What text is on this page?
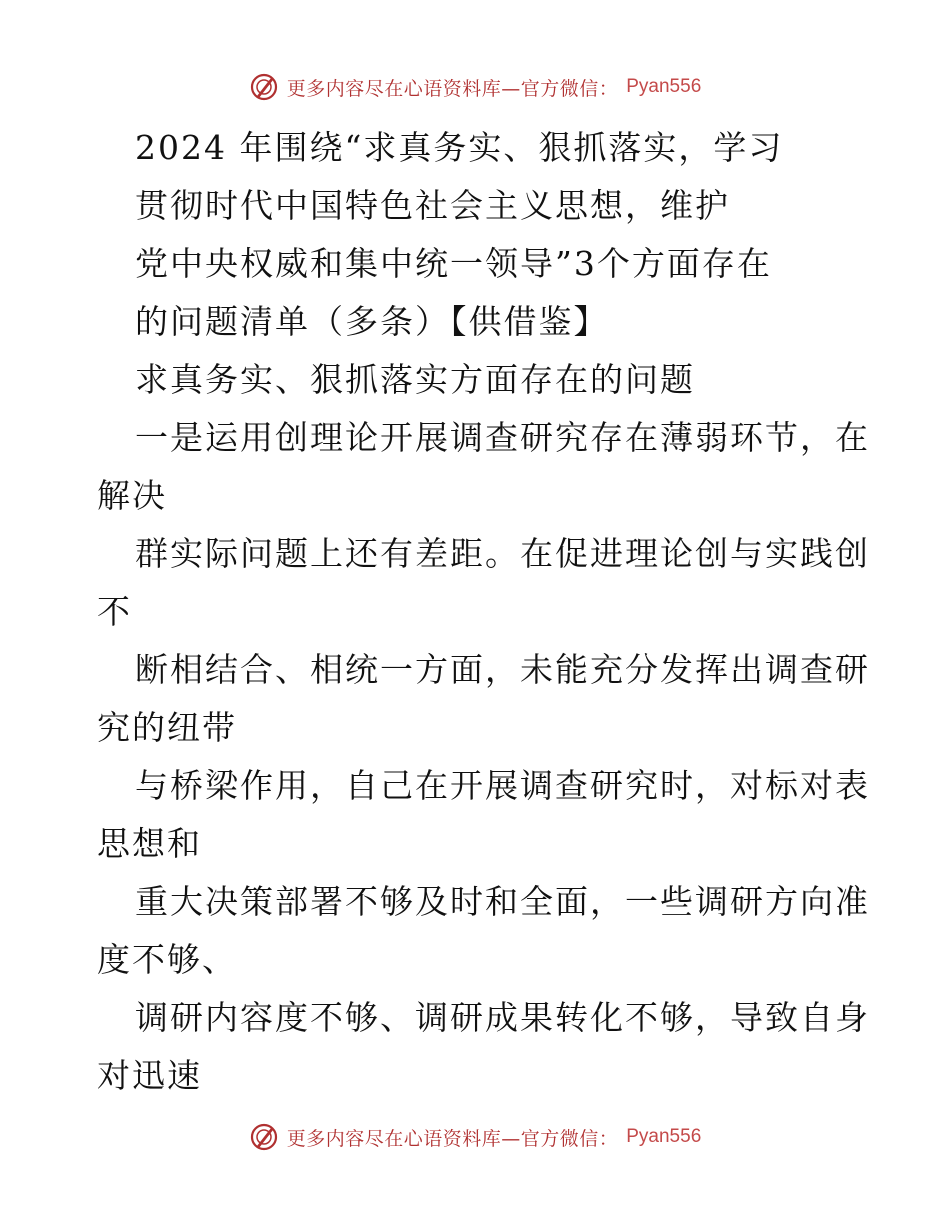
更多内容尽在心语资料库—官方微信： Pyan556
2024 年围绕“求真务实、狠抓落实，学习
贯彻时代中国特色社会主义思想，维护
党中央权威和集中统一领导”3个方面存在
的问题清单（多条）【供借鉴】
求真务实、狠抓落实方面存在的问题
一是运用创理论开展调查研究存在薄弱环节，在
解决
群实际问题上还有差距。在促进理论创与实践创
不
断相结合、相统一方面，未能充分发挥出调查研
究的纽带
与桥梁作用，自己在开展调查研究时，对标对表
思想和
重大决策部署不够及时和全面，一些调研方向准
度不够、
调研内容度不够、调研成果转化不够，导致自身
对迅速
更多内容尽在心语资料库—官方微信： Pyan556
